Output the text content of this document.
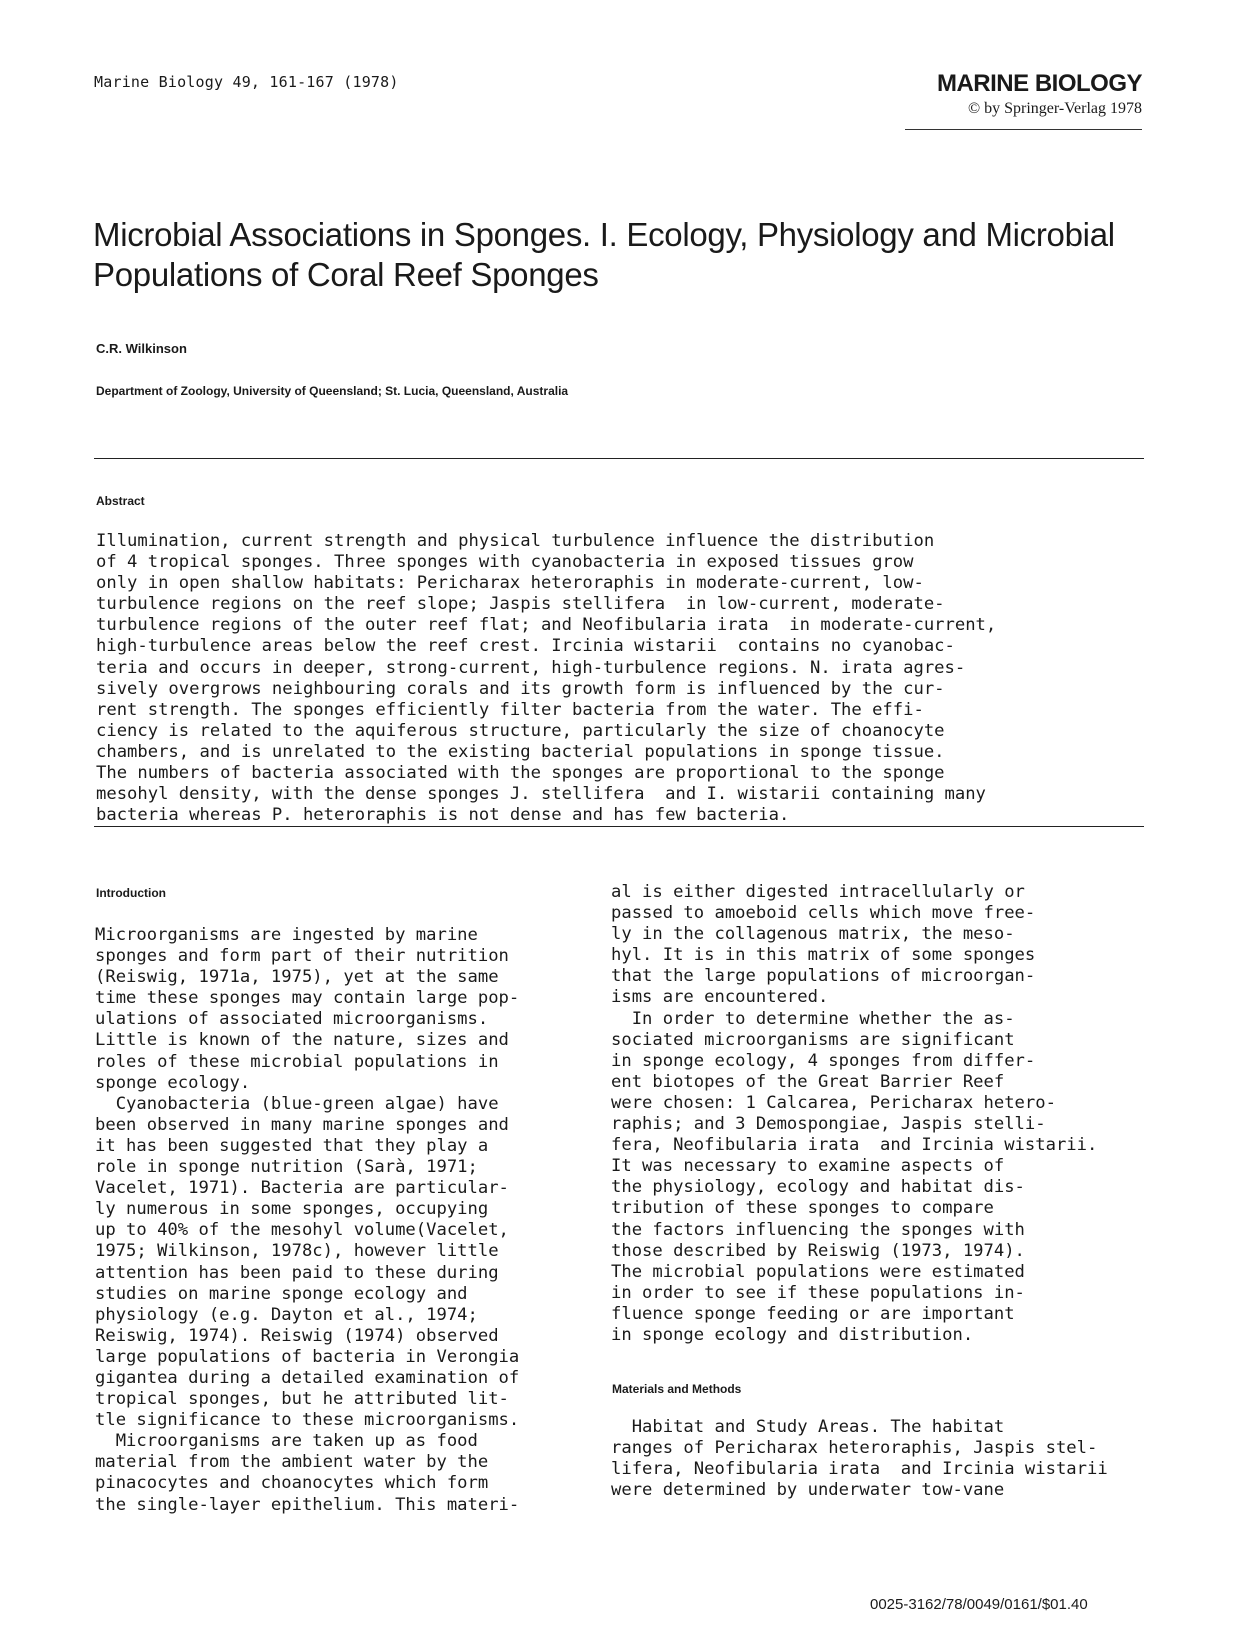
Marine Biology 49, 161-167 (1978)	MARINE BIOLOGY
© by Springer-Verlag 1978
Microbial Associations in Sponges. I. Ecology, Physiology and Microbial Populations of Coral Reef Sponges
C.R. Wilkinson
Department of Zoology, University of Queensland; St. Lucia, Queensland, Australia
Abstract
Illumination, current strength and physical turbulence influence the distribution
of 4 tropical sponges. Three sponges with cyanobacteria in exposed tissues grow
only in open shallow habitats: Pericharax heteroraphis in moderate-current, low-
turbulence regions on the reef slope; Jaspis stellifera  in low-current, moderate-
turbulence regions of the outer reef flat; and Neofibularia irata  in moderate-current,
high-turbulence areas below the reef crest. Ircinia wistarii  contains no cyanobac-
teria and occurs in deeper, strong-current, high-turbulence regions. N. irata agres-
sively overgrows neighbouring corals and its growth form is influenced by the cur-
rent strength. The sponges efficiently filter bacteria from the water. The effi-
ciency is related to the aquiferous structure, particularly the size of choanocyte
chambers, and is unrelated to the existing bacterial populations in sponge tissue.
The numbers of bacteria associated with the sponges are proportional to the sponge
mesohyl density, with the dense sponges J. stellifera  and I. wistarii containing many
bacteria whereas P. heteroraphis is not dense and has few bacteria.
Introduction
Microorganisms are ingested by marine
sponges and form part of their nutrition
(Reiswig, 1971a, 1975), yet at the same
time these sponges may contain large pop-
ulations of associated microorganisms.
Little is known of the nature, sizes and
roles of these microbial populations in
sponge ecology.
Cyanobacteria (blue-green algae) have
been observed in many marine sponges and
it has been suggested that they play a
role in sponge nutrition (Sarà, 1971;
Vacelet, 1971). Bacteria are particular-
ly numerous in some sponges, occupying
up to 40% of the mesohyl volume(Vacelet,
1975; Wilkinson, 1978c), however little
attention has been paid to these during
studies on marine sponge ecology and
physiology (e.g. Dayton et al., 1974;
Reiswig, 1974). Reiswig (1974) observed
large populations of bacteria in Verongia
gigantea during a detailed examination of
tropical sponges, but he attributed lit-
tle significance to these microorganisms.
Microorganisms are taken up as food
material from the ambient water by the
pinacocytes and choanocytes which form
the single-layer epithelium. This materi-
al is either digested intracellularly or
passed to amoeboid cells which move free-
ly in the collagenous matrix, the meso-
hyl. It is in this matrix of some sponges
that the large populations of microorgan-
isms are encountered.
In order to determine whether the as-
sociated microorganisms are significant
in sponge ecology, 4 sponges from differ-
ent biotopes of the Great Barrier Reef
were chosen: 1 Calcarea, Pericharax hetero-
raphis; and 3 Demospongiae, Jaspis stelli-
fera, Neofibularia irata  and Ircinia wistarii.
It was necessary to examine aspects of
the physiology, ecology and habitat dis-
tribution of these sponges to compare
the factors influencing the sponges with
those described by Reiswig (1973, 1974).
The microbial populations were estimated
in order to see if these populations in-
fluence sponge feeding or are important
in sponge ecology and distribution.
Materials and Methods
Habitat and Study Areas. The habitat
ranges of Pericharax heteroraphis, Jaspis stel-
lifera, Neofibularia irata  and Ircinia wistarii
were determined by underwater tow-vane
0025-3162/78/0049/0161/$01.40
